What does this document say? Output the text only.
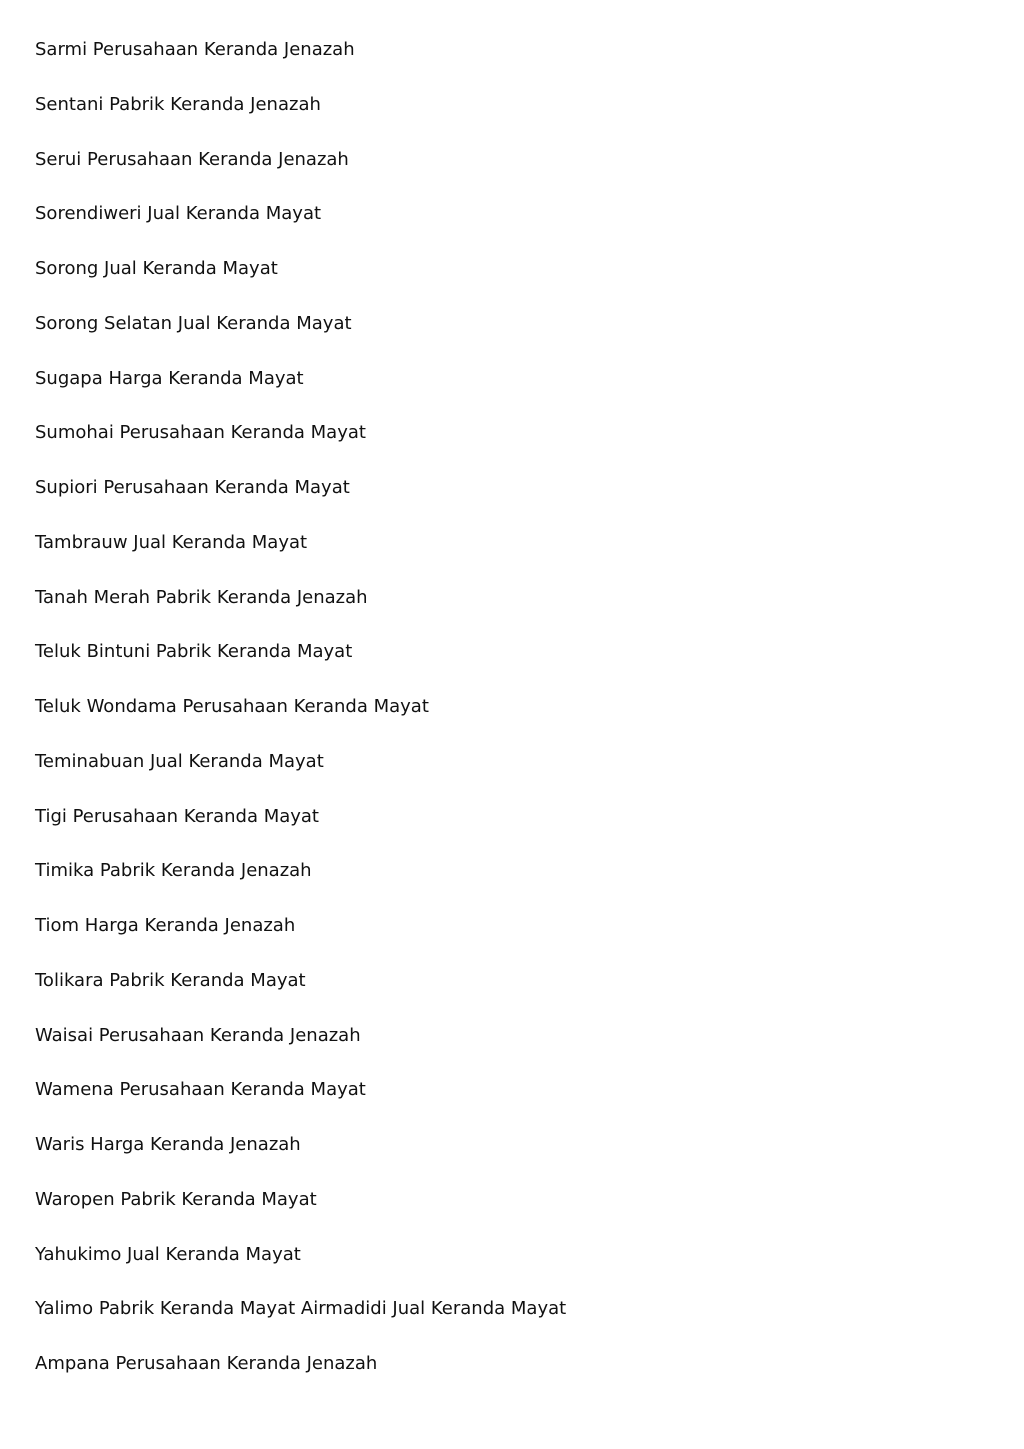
Sarmi Perusahaan Keranda Jenazah
Sentani Pabrik Keranda Jenazah
Serui Perusahaan Keranda Jenazah
Sorendiweri Jual Keranda Mayat
Sorong Jual Keranda Mayat
Sorong Selatan Jual Keranda Mayat
Sugapa Harga Keranda Mayat
Sumohai Perusahaan Keranda Mayat
Supiori Perusahaan Keranda Mayat
Tambrauw Jual Keranda Mayat
Tanah Merah Pabrik Keranda Jenazah
Teluk Bintuni Pabrik Keranda Mayat
Teluk Wondama Perusahaan Keranda Mayat
Teminabuan Jual Keranda Mayat
Tigi Perusahaan Keranda Mayat
Timika Pabrik Keranda Jenazah
Tiom Harga Keranda Jenazah
Tolikara Pabrik Keranda Mayat
Waisai Perusahaan Keranda Jenazah
Wamena Perusahaan Keranda Mayat
Waris Harga Keranda Jenazah
Waropen Pabrik Keranda Mayat
Yahukimo Jual Keranda Mayat
Yalimo Pabrik Keranda Mayat Airmadidi Jual Keranda Mayat
Ampana Perusahaan Keranda Jenazah
